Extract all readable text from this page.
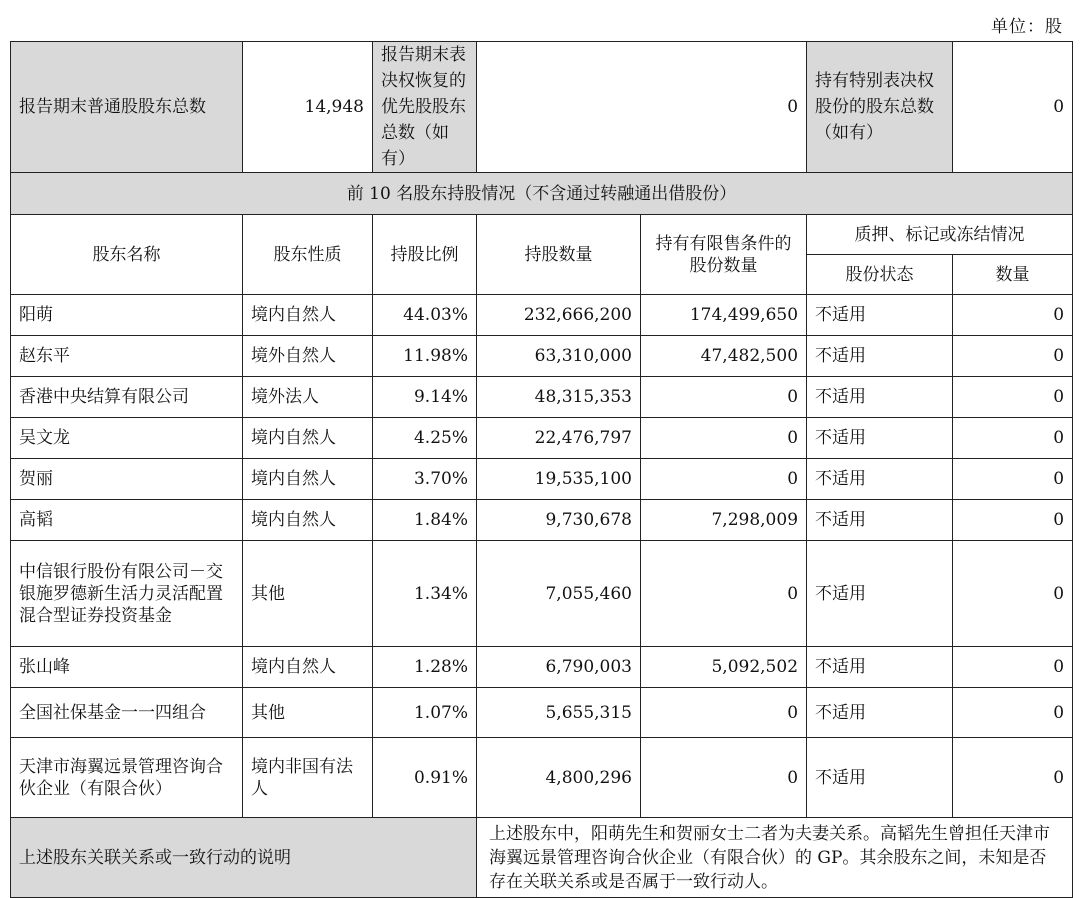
单位：股
报告期末普通股股东总数	14,948	报告期末表决权恢复的优先股股东总数（如有）	0		持有特别表决权股份的股东总数（如有）	0
前 10 名股东持股情况（不含通过转融通出借股份）						
股东名称	股东性质	持股比例	持股数量	持有有限售条件的股份数量	质押、标记或冻结情况	
					股份状态	数量
阳萌	境内自然人	44.03%	232,666,200	174,499,650	不适用	0
赵东平	境外自然人	11.98%	63,310,000	47,482,500	不适用	0
香港中央结算有限公司	境外法人	9.14%	48,315,353	0	不适用	0
吴文龙	境内自然人	4.25%	22,476,797	0	不适用	0
贺丽	境内自然人	3.70%	19,535,100	0	不适用	0
高韬	境内自然人	1.84%	9,730,678	7,298,009	不适用	0
中信银行股份有限公司－交银施罗德新生活力灵活配置混合型证券投资基金	其他	1.34%	7,055,460	0	不适用	0
张山峰	境内自然人	1.28%	6,790,003	5,092,502	不适用	0
全国社保基金一一四组合	其他	1.07%	5,655,315	0	不适用	0
天津市海翼远景管理咨询合伙企业（有限合伙）	境内非国有法人	0.91%	4,800,296	0	不适用	0
上述股东关联关系或一致行动的说明			上述股东中，阳萌先生和贺丽女士二者为夫妻关系。高韬先生曾担任天津市海翼远景管理咨询合伙企业（有限合伙）的 GP。其余股东之间，未知是否存在关联关系或是否属于一致行动人。			
